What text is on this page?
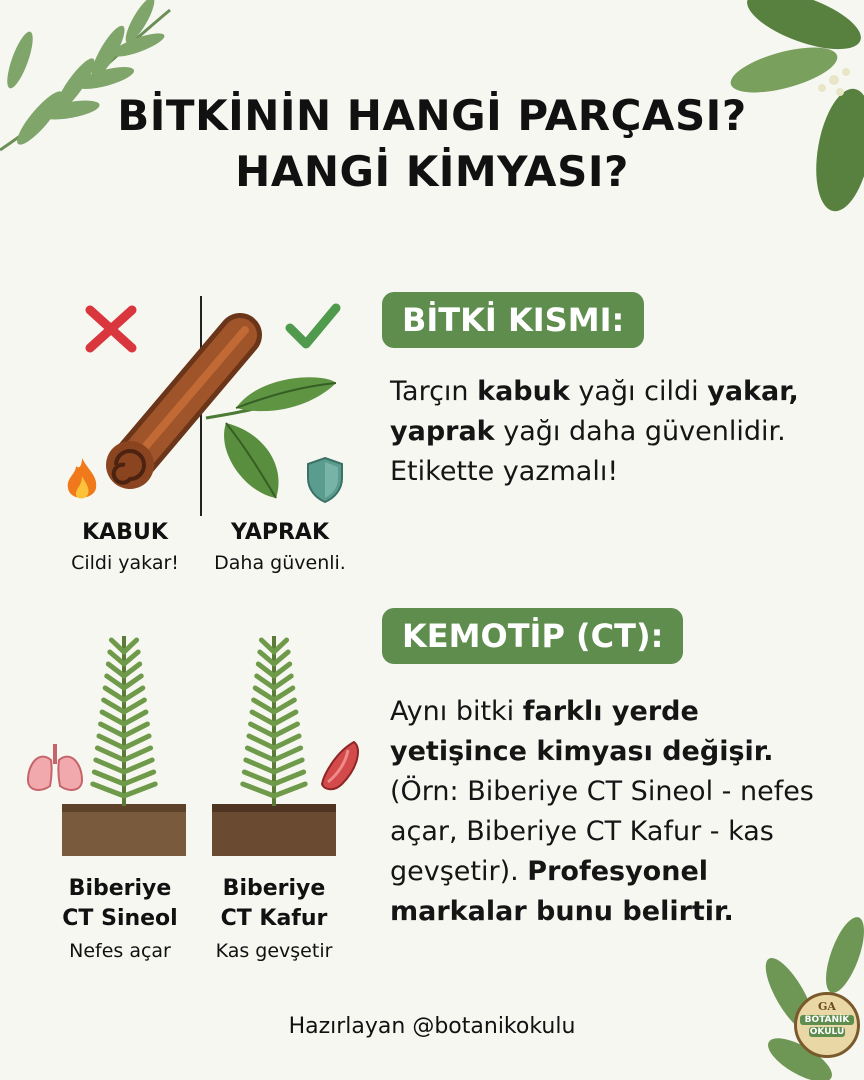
BİTKİNİN HANGİ PARÇASI?
HANGİ KİMYASI?
KABUK
Cildi yakar!
YAPRAK
Daha güvenli.
BİTKİ KISMI:
Tarçın kabuk yağı cildi yakar, yaprak yağı daha güvenlidir. Etikette yazmalı!
Biberiye
CT Sineol
Nefes açar
Biberiye
CT Kafur
Kas gevşetir
KEMOTİP (CT):
Aynı bitki farklı yerde yetişince kimyası değişir. (Örn: Biberiye CT Sineol - nefes açar, Biberiye CT Kafur - kas gevşetir). Profesyonel markalar bunu belirtir.
Hazırlayan @botanikokulu
GA
BOTANİK
OKULU
